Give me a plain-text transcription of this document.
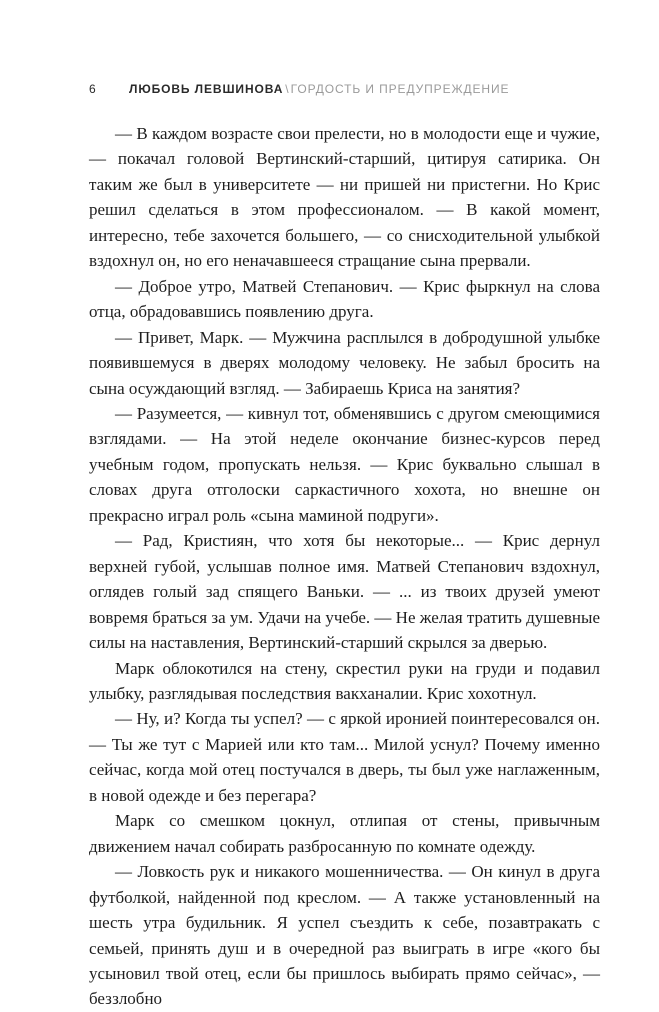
6	ЛЮБОВЬ ЛЕВШИНОВА \ ГОРДОСТЬ И ПРЕДУПРЕЖДЕНИЕ

— В каждом возрасте свои прелести, но в молодости еще и чужие, — покачал головой Вертинский-старший, цитируя сатирика. Он таким же был в университете — ни пришей ни пристегни. Но Крис решил сделаться в этом профессионалом. — В какой момент, интересно, тебе захочется большего, — со снисходительной улыбкой вздохнул он, но его неначавшееся стращание сына прервали.

— Доброе утро, Матвей Степанович. — Крис фыркнул на слова отца, обрадовавшись появлению друга.

— Привет, Марк. — Мужчина расплылся в добродушной улыбке появившемуся в дверях молодому человеку. Не забыл бросить на сына осуждающий взгляд. — Забираешь Криса на занятия?

— Разумеется, — кивнул тот, обменявшись с другом смеющимися взглядами. — На этой неделе окончание бизнес-курсов перед учебным годом, пропускать нельзя. — Крис буквально слышал в словах друга отголоски саркастичного хохота, но внешне он прекрасно играл роль «сына маминой подруги».

— Рад, Кристиян, что хотя бы некоторые... — Крис дернул верхней губой, услышав полное имя. Матвей Степанович вздохнул, оглядев голый зад спящего Ваньки. — ... из твоих друзей умеют вовремя браться за ум. Удачи на учебе. — Не желая тратить душевные силы на наставления, Вертинский-старший скрылся за дверью.

Марк облокотился на стену, скрестил руки на груди и подавил улыбку, разглядывая последствия вакханалии. Крис хохотнул.

— Ну, и? Когда ты успел? — с яркой иронией поинтересовался он. — Ты же тут с Марией или кто там... Милой уснул? Почему именно сейчас, когда мой отец постучался в дверь, ты был уже наглаженным, в новой одежде и без перегара?

Марк со смешком цокнул, отлипая от стены, привычным движением начал собирать разбросанную по комнате одежду.

— Ловкость рук и никакого мошенничества. — Он кинул в друга футболкой, найденной под креслом. — А также установленный на шесть утра будильник. Я успел съездить к себе, позавтракать с семьей, принять душ и в очередной раз выиграть в игре «кого бы усыновил твой отец, если бы пришлось выбирать прямо сейчас», — беззлобно
